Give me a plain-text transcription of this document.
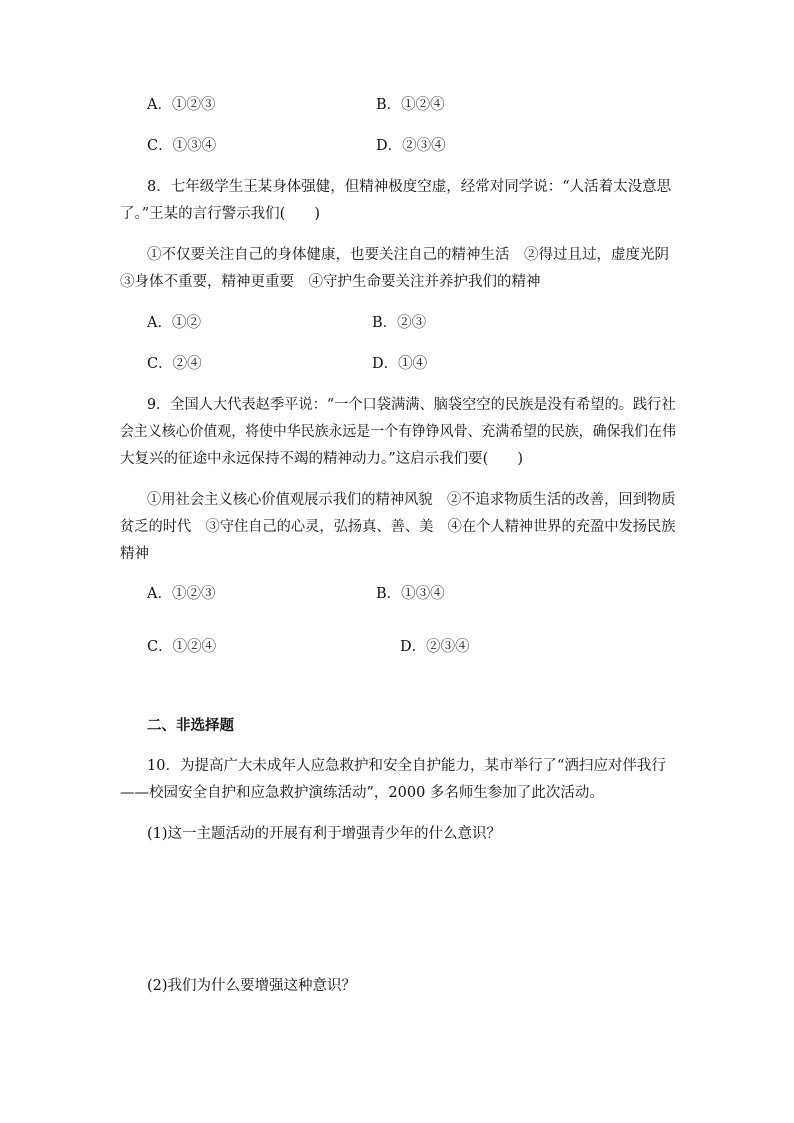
A．①②③	B．①②④
C．①③④	D．②③④
8．七年级学生王某身体强健，但精神极度空虚，经常对同学说：“人活着太没意思
了。”王某的言行警示我们(　　)
①不仅要关注自己的身体健康，也要关注自己的精神生活　②得过且过，虚度光阴
③身体不重要，精神更重要　④守护生命要关注并养护我们的精神
A．①②	B．②③
C．②④	D．①④
9．全国人大代表赵季平说：“一个口袋满满、脑袋空空的民族是没有希望的。践行社
会主义核心价值观，将使中华民族永远是一个有铮铮风骨、充满希望的民族，确保我们在伟
大复兴的征途中永远保持不竭的精神动力。”这启示我们要(　　)
①用社会主义核心价值观展示我们的精神风貌　②不追求物质生活的改善，回到物质
贫乏的时代　③守住自己的心灵，弘扬真、善、美　④在个人精神世界的充盈中发扬民族
精神
A．①②③	B．①③④
C．①②④	D．②③④
二、非选择题
10．为提高广大未成年人应急救护和安全自护能力，某市举行了“洒扫应对伴我行
——校园安全自护和应急救护演练活动”，2000 多名师生参加了此次活动。
(1)这一主题活动的开展有利于增强青少年的什么意识？
(2)我们为什么要增强这种意识？
